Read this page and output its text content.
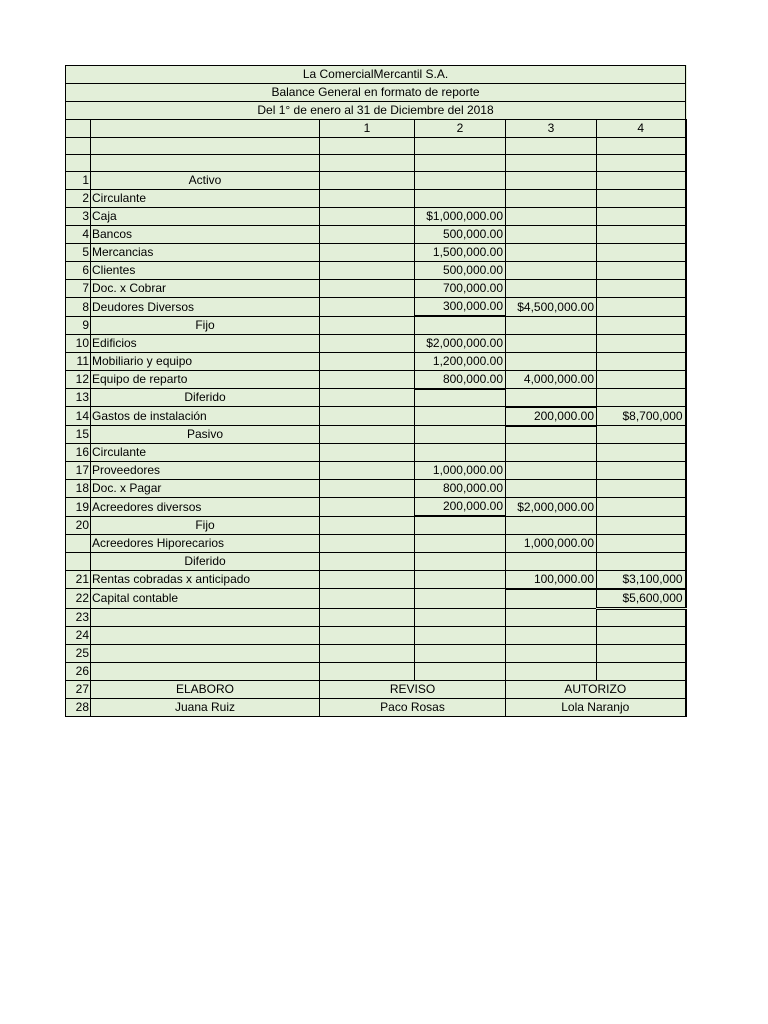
La ComercialMercantil S.A.					
Balance General en formato de reporte					
Del 1° de enero al 31 de Diciembre del 2018					
		1	2	3	4

1	Activo				
2	Circulante				
3	Caja		$1,000,000.00		
4	Bancos		500,000.00		
5	Mercancias		1,500,000.00		
6	Clientes		500,000.00		
7	Doc. x Cobrar		700,000.00		
8	Deudores Diversos		300,000.00	$4,500,000.00	
9	Fijo				
10	Edificios		$2,000,000.00		
11	Mobiliario y equipo		1,200,000.00		
12	Equipo de reparto		800,000.00	4,000,000.00	
13	Diferido				
14	Gastos de instalación			200,000.00	$8,700,000
15	Pasivo				
16	Circulante				
17	Proveedores		1,000,000.00		
18	Doc. x Pagar		800,000.00		
19	Acreedores diversos		200,000.00	$2,000,000.00	
20	Fijo				
	Acreedores Hiporecarios			1,000,000.00	
	Diferido				
21	Rentas cobradas x anticipado			100,000.00	$3,100,000
22	Capital contable				$5,600,000
23					
24					
25					
26					
27	ELABORO	REVISO		AUTORIZO	
28	Juana Ruiz	Paco Rosas		Lola Naranjo	
